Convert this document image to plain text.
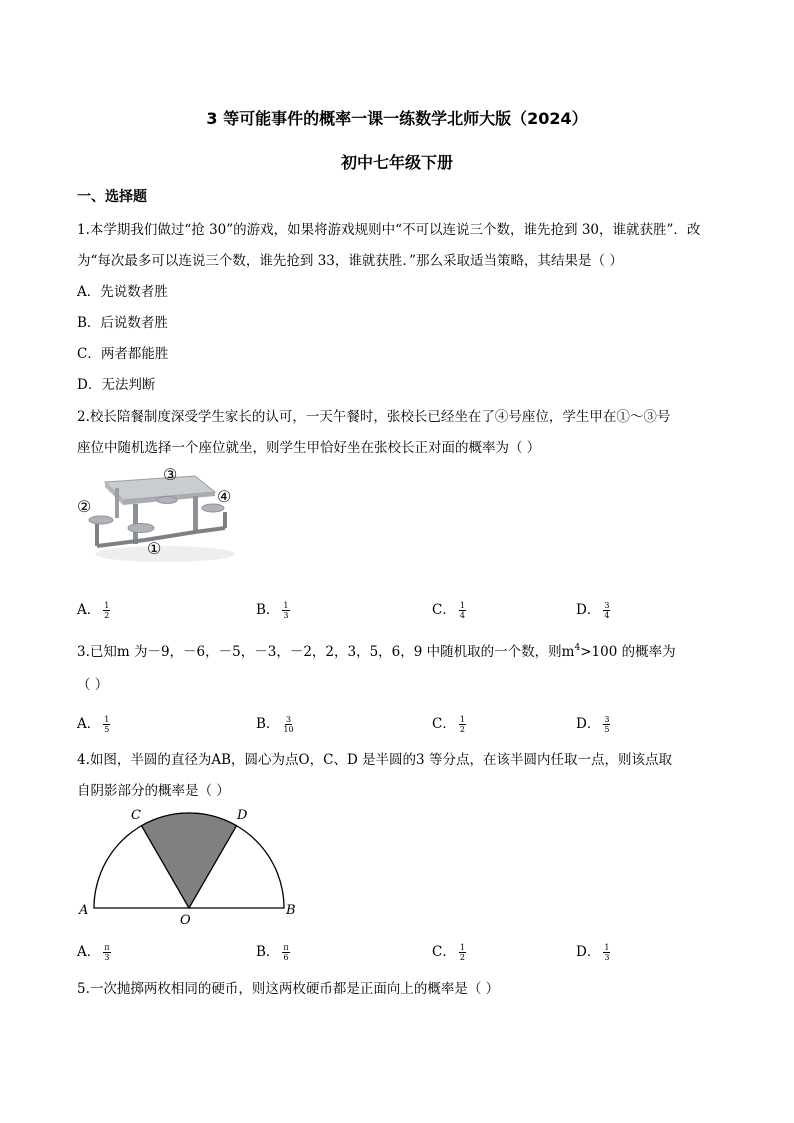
3 等可能事件的概率一课一练数学北师大版（2024）
初中七年级下册
一、选择题
1.本学期我们做过“抢 30”的游戏，如果将游戏规则中“不可以连说三个数，谁先抢到 30，谁就获胜”．改
为“每次最多可以连说三个数，谁先抢到 33，谁就获胜．”那么采取适当策略，其结果是（ ）
A．先说数者胜
B．后说数者胜
C．两者都能胜
D．无法判断
2.校长陪餐制度深受学生家长的认可，一天午餐时，张校长已经坐在了④号座位，学生甲在①～③号
座位中随机选择一个座位就坐，则学生甲恰好坐在张校长正对面的概率为（ ）
①
②
③
④
A． $\frac{1}{2}$	B． $\frac{1}{3}$	C． $\frac{1}{4}$	D． $\frac{3}{4}$
3.已知m 为－9，－6，－5，－3，－2，2，3，5，6，9 中随机取的一个数，则$m^4>100$ 的概率为
（ ）
A． $\frac{1}{5}$	B． $\frac{3}{10}$	C． $\frac{1}{2}$	D． $\frac{3}{5}$
4.如图，半圆的直径为AB，圆心为点O，C、D 是半圆的3 等分点，在该半圆内任取一点，则该点取
自阴影部分的概率是（ ）
A	B
C	D
O
A． $\frac{\pi}{3}$	B． $\frac{\pi}{6}$	C． $\frac{1}{2}$	D． $\frac{1}{3}$
5.一次抛掷两枚相同的硬币，则这两枚硬币都是正面向上的概率是（ ）
